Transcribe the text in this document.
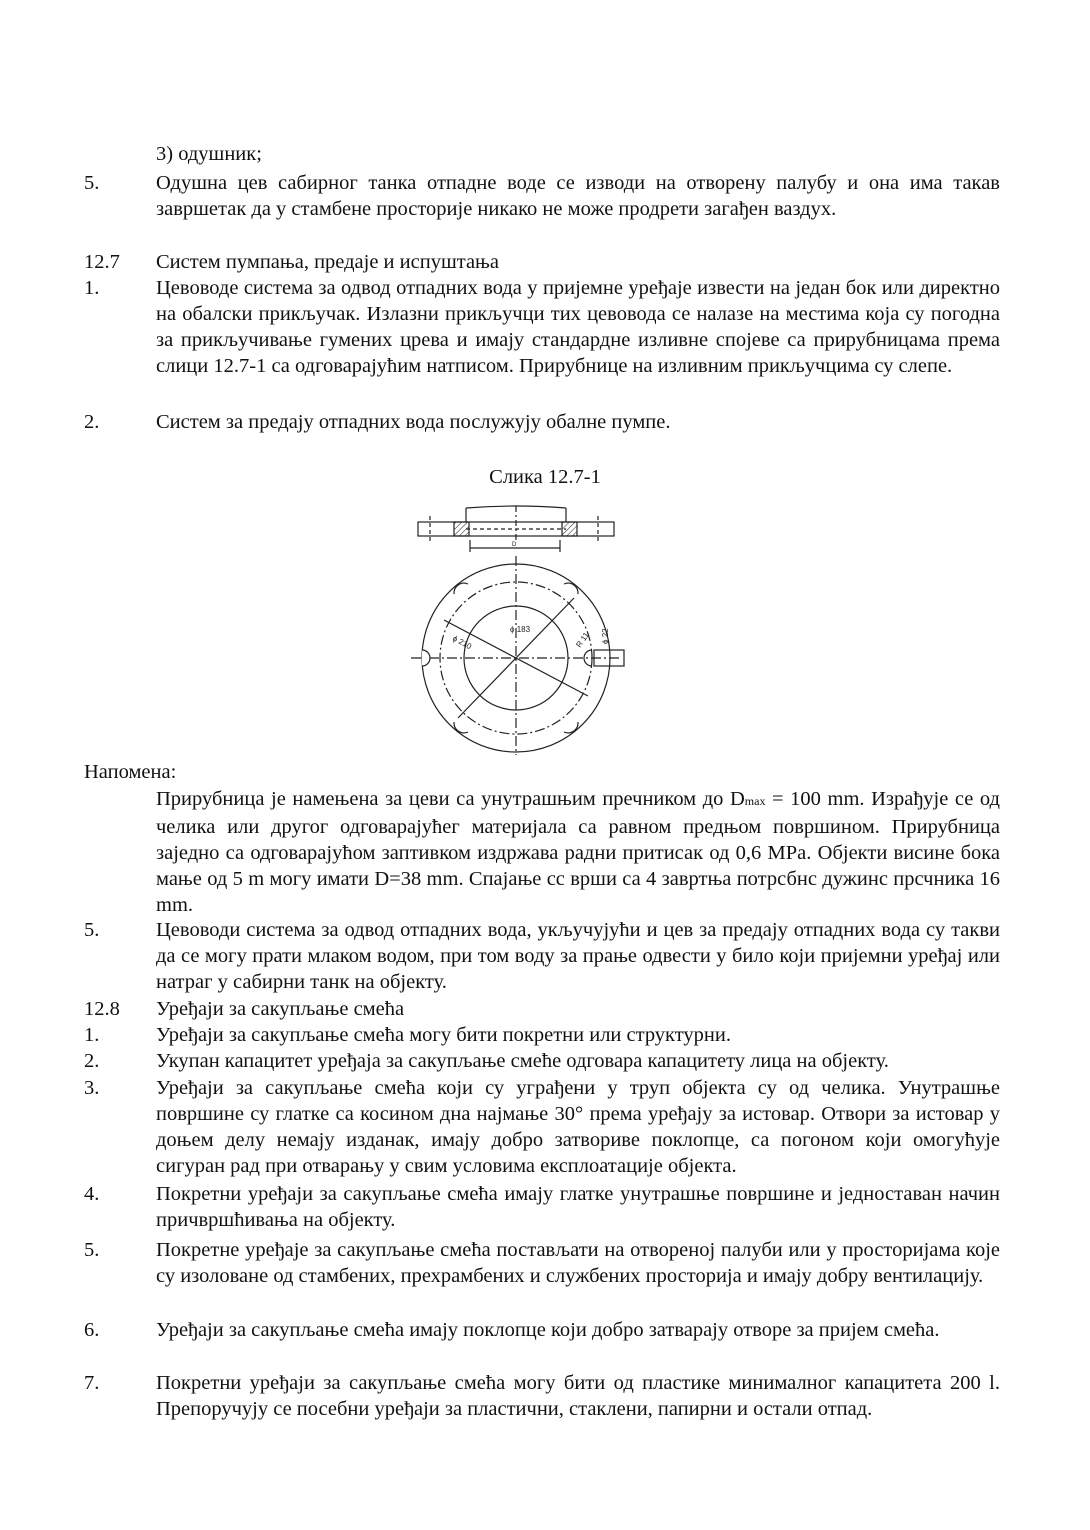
3) одушник;
5.	Одушна цев сабирног танка отпадне воде се изводи на отворену палубу и она има такав завршетак да у стамбене просторије никако не може продрети загађен ваздух.
12.7	Систем пумпања, предаје и испуштања
1.	Цевоводе система за одвод отпадних вода у пријемне уређаје извести на један бок или директно на обалски прикључак. Излазни прикључци тих цевовода се налазе на местима која су погодна за прикључивање гумених црева и имају стандардне изливне спојеве са прирубницама према слици 12.7-1 са одговарајућим натписом. Прирубнице на изливним прикључцима су слепе.
2.	Систем за предају отпадних вода послужују обалне пумпе.
Слика 12.7-1
ϕ 183
ϕ 210	R 11 ϕ 22
D
Напомена:
Прирубница је намењена за цеви са унутрашњим пречником до Dmax = 100 mm. Израђује се од челика или другог одговарајућег материјала са равном предњом површином. Прирубница заједно са одговарајућом заптивком издржава радни притисак од 0,6 MPa. Објекти висине бока мање од 5 m могу имати D=38 mm. Спајање сс врши са 4 завртња потрсбнс дужинс прсчника 16 mm.
5.	Цевоводи система за одвод отпадних вода, укључујући и цев за предају отпадних вода су такви да се могу прати млаком водом, при том воду за прање одвести у било који пријемни уређај или натраг у сабирни танк на објекту.
12.8	Уређаји за сакупљање смећа
1.	Уређаји за сакупљање смећа могу бити покретни или структурни.
2.	Укупан капацитет уређаја за сакупљање смеће одговара капацитету лица на објекту.
3.	Уређаји за сакупљање смећа који су уграђени у труп објекта су од челика. Унутрашње површине су глатке са косином дна најмање 30° према уређају за истовар. Отвори за истовар у доњем делу немају изданак, имају добро затвориве поклопце, са погоном који омогућује сигуран рад при отварању у свим условима експлоатације објекта.
4.	Покретни уређаји за сакупљање смећа имају глатке унутрашње површине и једноставан начин причвршћивања на објекту.
5.	Покретне уређаје за сакупљање смећа постављати на отвореној палуби или у просторијама које су изоловане од стамбених, прехрамбених и службених просторија и имају добру вентилацију.
6.	Уређаји за сакупљање смећа имају поклопце који добро затварају отворе за пријем смећа.
7.	Покретни уређаји за сакупљање смећа могу бити од пластике минималног капацитета 200 l. Препоручују се посебни уређаји за пластични, стаклени, папирни и остали отпад.
